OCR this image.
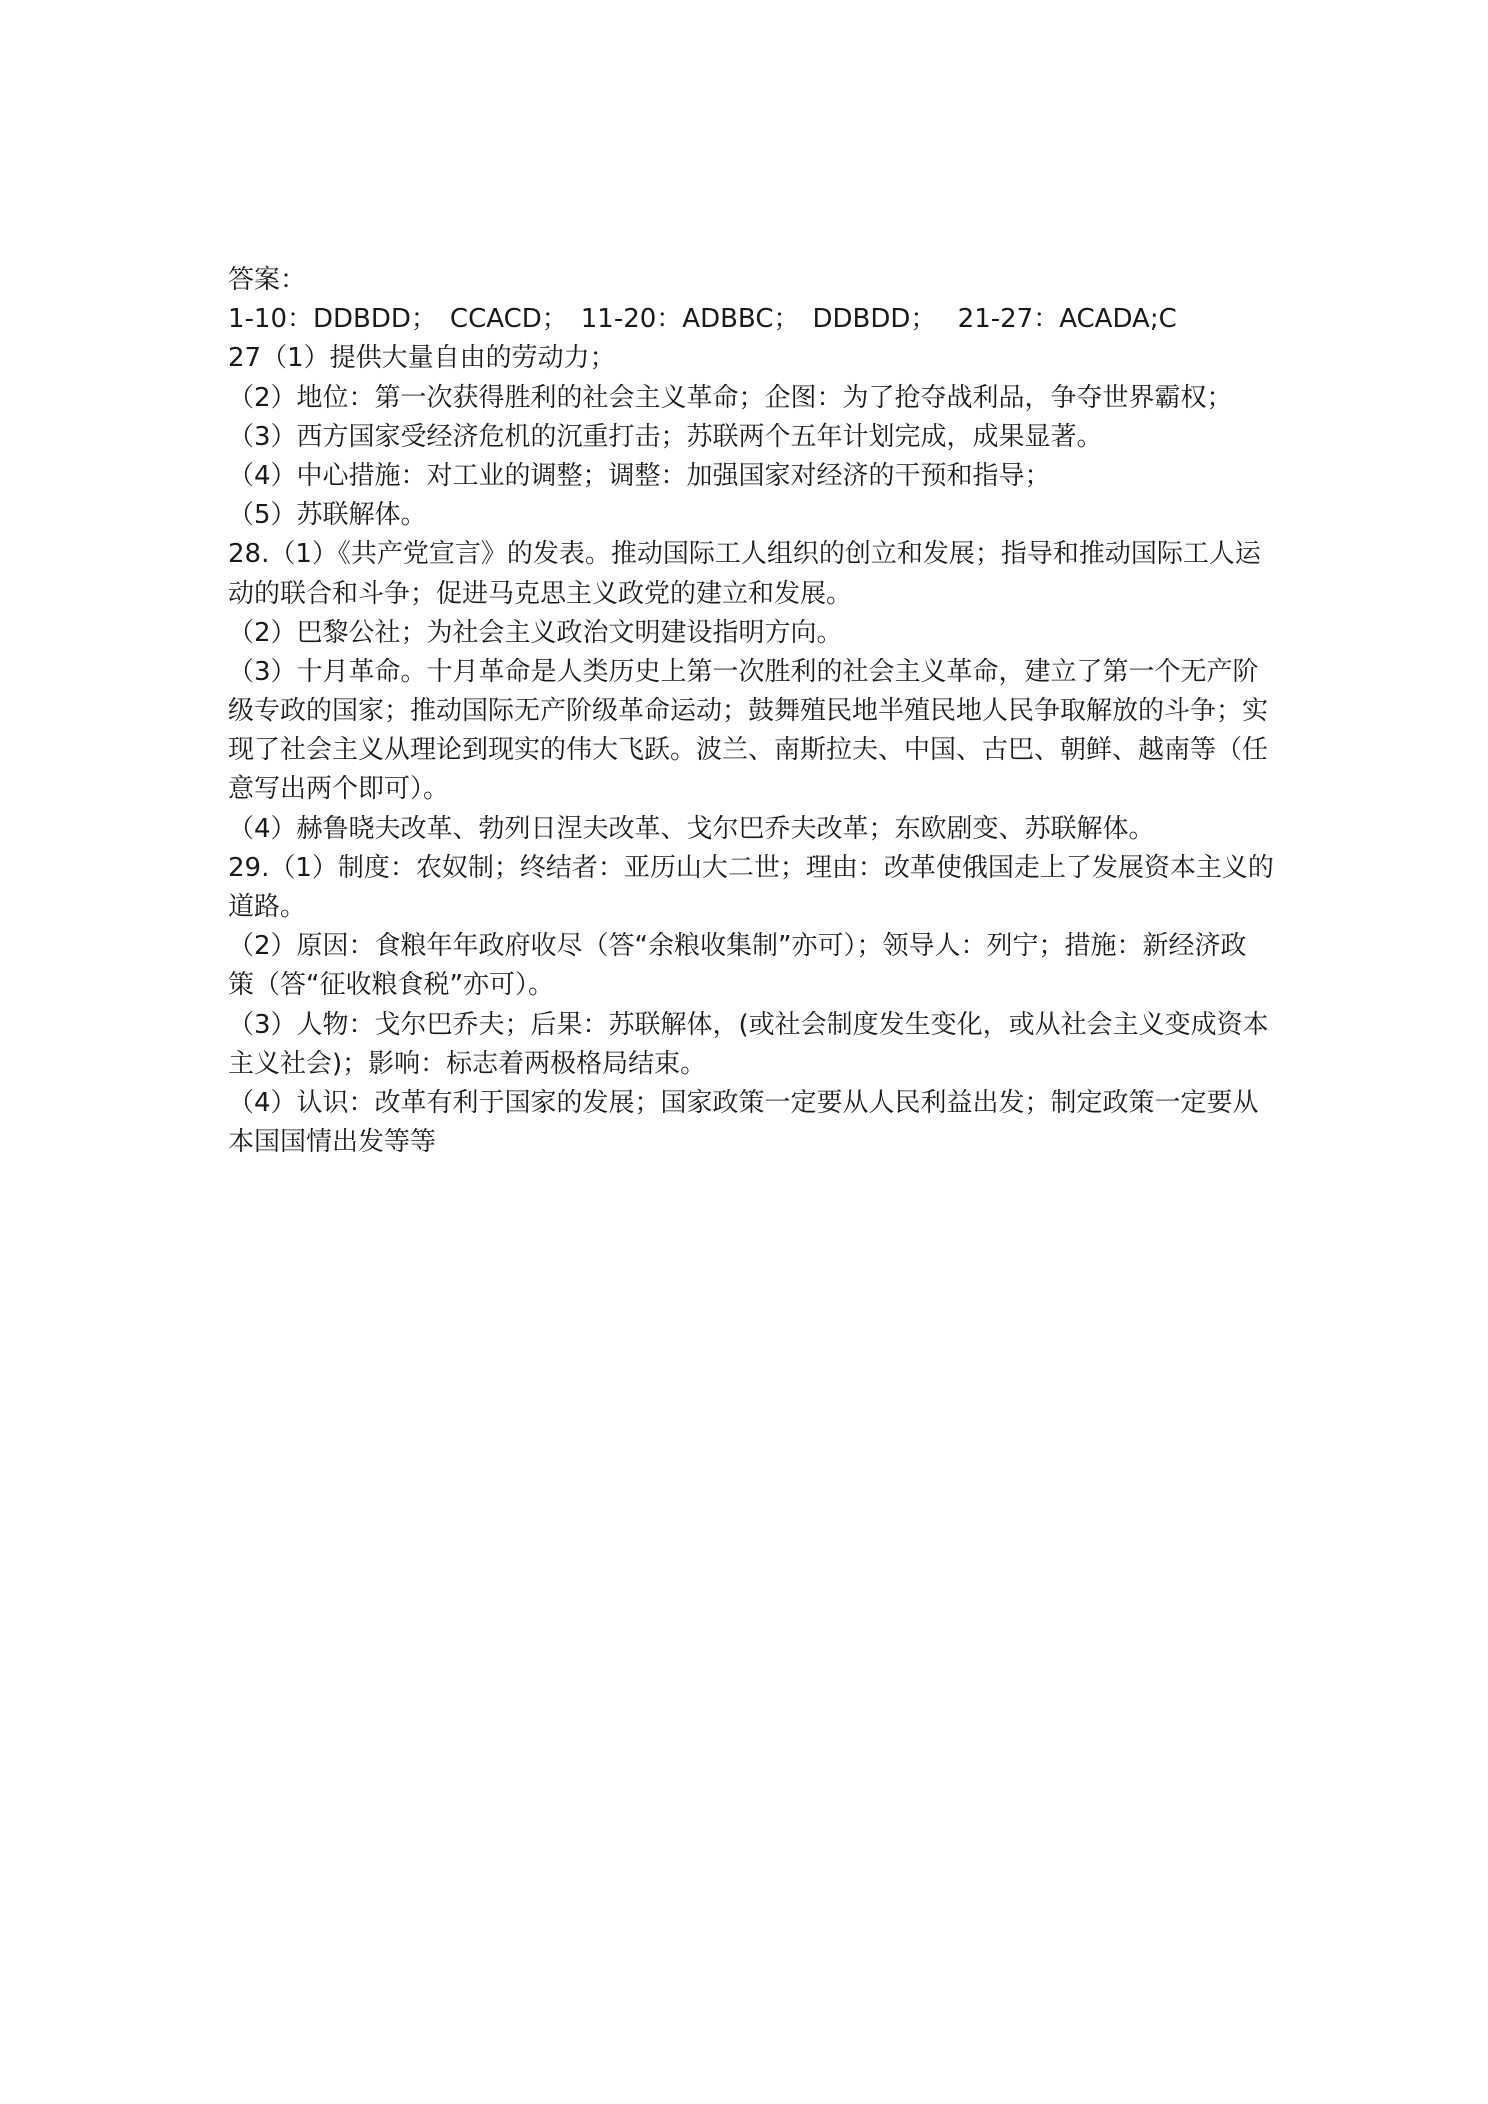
答案：
1-10：DDBDD；　CCACD；　11-20：ADBBC；　DDBDD；　 21-27：ACADA;C
27（1）提供大量自由的劳动力；
（2）地位：第一次获得胜利的社会主义革命；企图：为了抢夺战利品，争夺世界霸权；
（3）西方国家受经济危机的沉重打击；苏联两个五年计划完成，成果显著。
（4）中心措施：对工业的调整；调整：加强国家对经济的干预和指导；
（5）苏联解体。
28.（1）《共产党宣言》的发表。推动国际工人组织的创立和发展；指导和推动国际工人运
动的联合和斗争；促进马克思主义政党的建立和发展。
（2）巴黎公社；为社会主义政治文明建设指明方向。
（3）十月革命。十月革命是人类历史上第一次胜利的社会主义革命，建立了第一个无产阶
级专政的国家；推动国际无产阶级革命运动；鼓舞殖民地半殖民地人民争取解放的斗争；实
现了社会主义从理论到现实的伟大飞跃。波兰、南斯拉夫、中国、古巴、朝鲜、越南等（任
意写出两个即可）。
（4）赫鲁晓夫改革、勃列日涅夫改革、戈尔巴乔夫改革；东欧剧变、苏联解体。
29.（1）制度：农奴制；终结者：亚历山大二世；理由：改革使俄国走上了发展资本主义的
道路。
（2）原因：食粮年年政府收尽（答“余粮收集制”亦可）；领导人：列宁；措施：新经济政
策（答“征收粮食税”亦可）。
（3）人物：戈尔巴乔夫；后果：苏联解体，(或社会制度发生变化，或从社会主义变成资本
主义社会)；影响：标志着两极格局结束。
（4）认识：改革有利于国家的发展；国家政策一定要从人民利益出发；制定政策一定要从
本国国情出发等等
